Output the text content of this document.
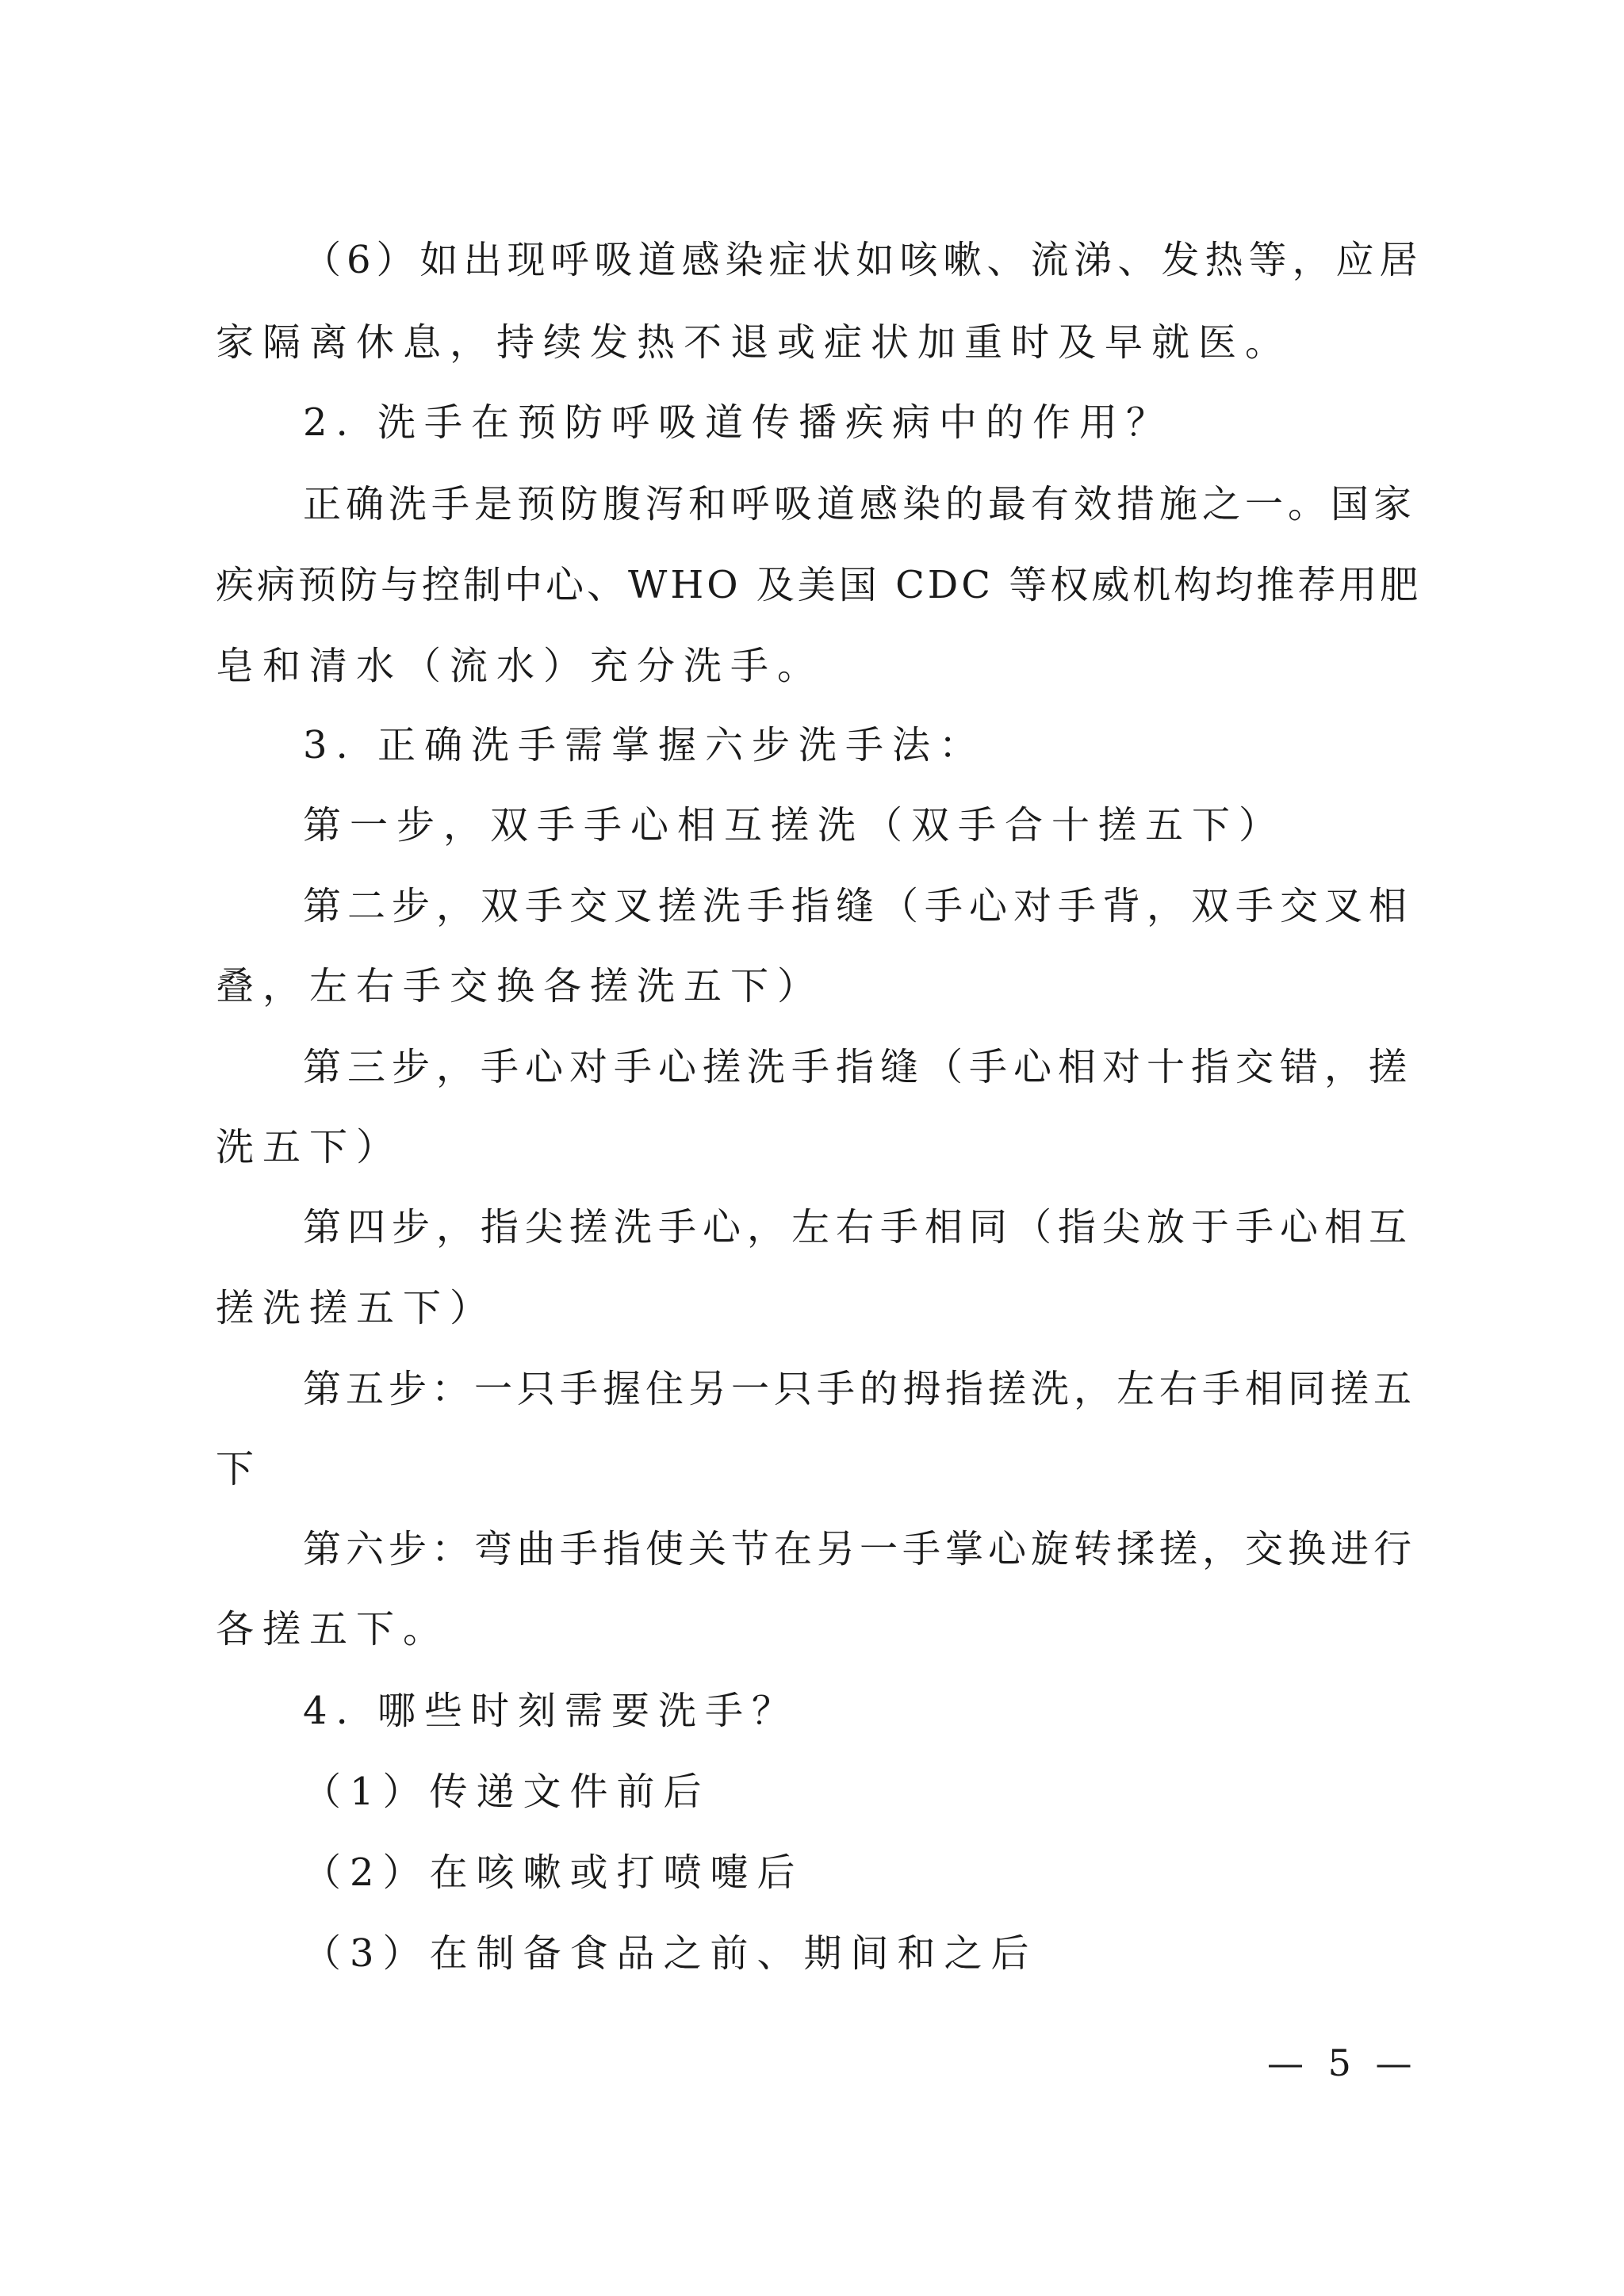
（6）如出现呼吸道感染症状如咳嗽、流涕、发热等，应居
家隔离休息，持续发热不退或症状加重时及早就医。
2. 洗手在预防呼吸道传播疾病中的作用？
正确洗手是预防腹泻和呼吸道感染的最有效措施之一。国家
疾病预防与控制中心、WHO 及美国 CDC 等权威机构均推荐用肥
皂和清水（流水）充分洗手。
3. 正确洗手需掌握六步洗手法：
第一步，双手手心相互搓洗（双手合十搓五下）
第二步，双手交叉搓洗手指缝（手心对手背，双手交叉相
叠，左右手交换各搓洗五下）
第三步，手心对手心搓洗手指缝（手心相对十指交错，搓
洗五下）
第四步，指尖搓洗手心，左右手相同（指尖放于手心相互
搓洗搓五下）
第五步：一只手握住另一只手的拇指搓洗，左右手相同搓五
下
第六步：弯曲手指使关节在另一手掌心旋转揉搓，交换进行
各搓五下。
4. 哪些时刻需要洗手？
（1）传递文件前后
（2）在咳嗽或打喷嚏后
（3）在制备食品之前、期间和之后
— 5 —
